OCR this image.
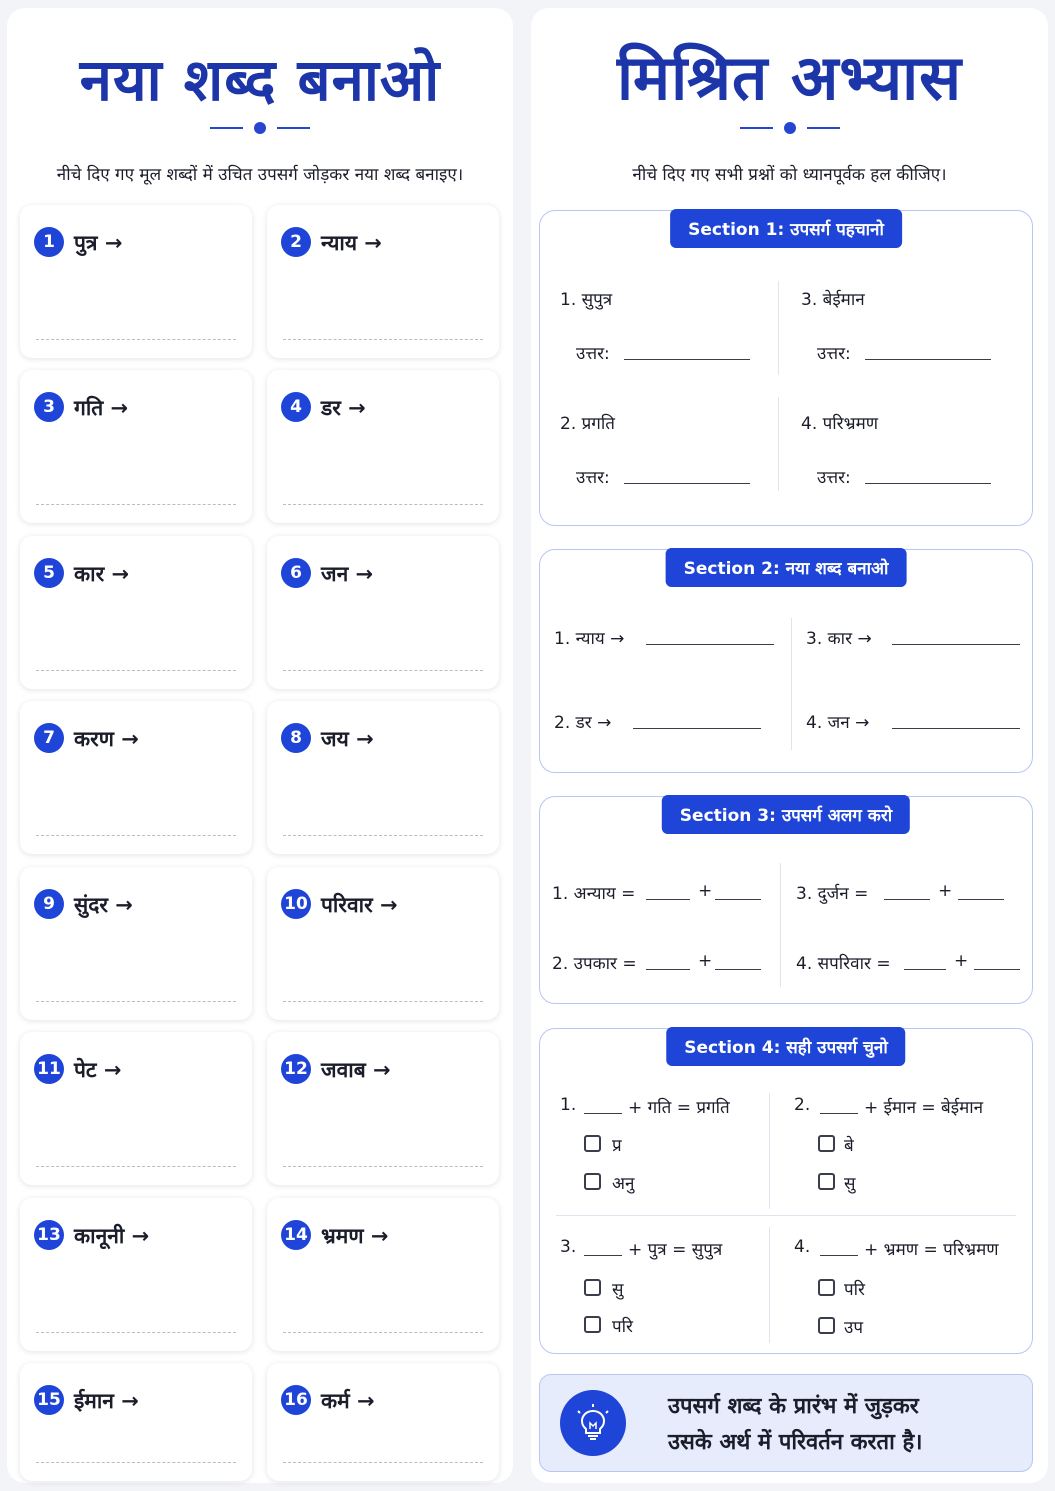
नया शब्द बनाओ
नीचे दिए गए मूल शब्दों में उचित उपसर्ग जोड़कर नया शब्द बनाइए।
1 पुत्र →	2 न्याय →
3 गति →	4 डर →
5 कार →	6 जन →
7 करण →	8 जय →
9 सुंदर →	10 परिवार →
11 पेट →	12 जवाब →
13 कानूनी →	14 भ्रमण →
15 ईमान →	16 कर्म →
मिश्रित अभ्यास
नीचे दिए गए सभी प्रश्नों को ध्यानपूर्वक हल कीजिए।
Section 1: उपसर्ग पहचानो
1. सुपुत्र
उत्तर:
3. बेईमान
उत्तर:
2. प्रगति
उत्तर:
4. परिभ्रमण
उत्तर:
Section 2: नया शब्द बनाओ
1. न्याय →	3. कार →
2. डर →	4. जन →
Section 3: उपसर्ग अलग करो
1. अन्याय =	+	3. दुर्जन =	+
2. उपकार =	+	4. सपरिवार =	+
Section 4: सही उपसर्ग चुनो
1.	+ गति = प्रगति
प्र
अनु
2.	+ ईमान = बेईमान
बे
सु
3.	+ पुत्र = सुपुत्र
सु
परि
4.	+ भ्रमण = परिभ्रमण
परि
उप
उपसर्ग शब्द के प्रारंभ में जुड़कर
उसके अर्थ में परिवर्तन करता है।
